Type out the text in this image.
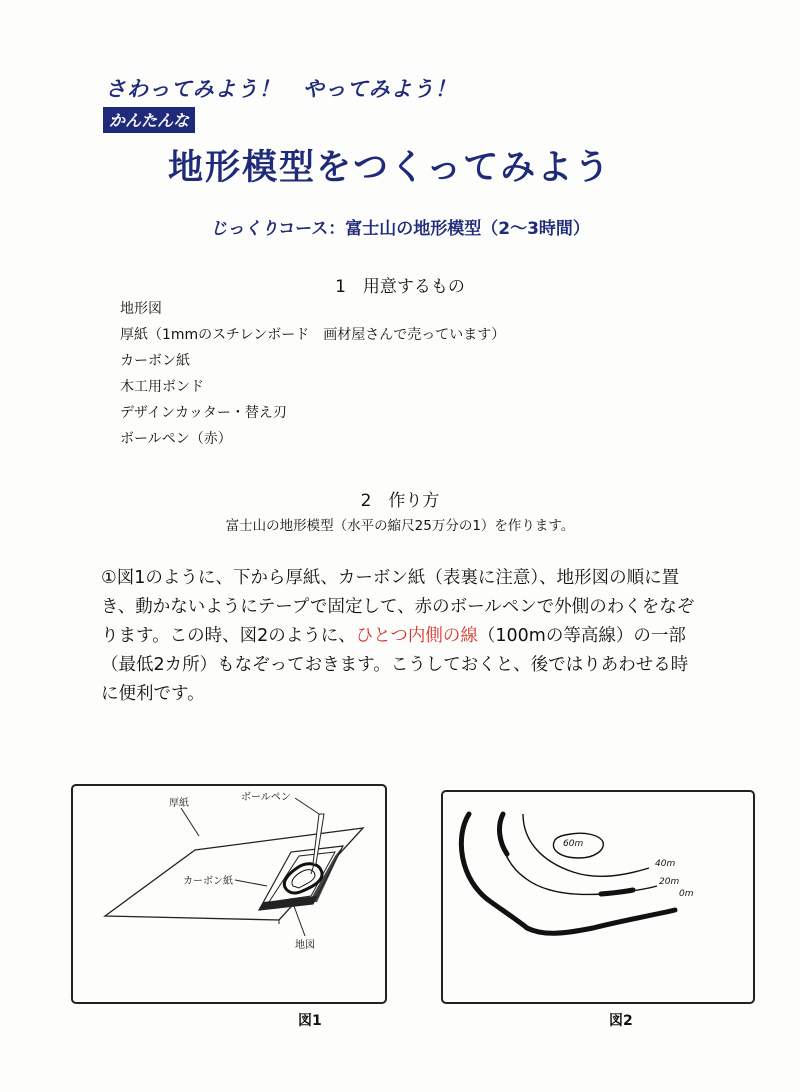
さわってみよう！　やってみよう！
かんたんな
地形模型をつくってみよう
じっくりコース：富士山の地形模型（2～3時間）
1　用意するもの
地形図
厚紙（1mmのスチレンボード　画材屋さんで売っています）
カーボン紙
木工用ボンド
デザインカッター・替え刃
ボールペン（赤）
2　作り方
富士山の地形模型（水平の縮尺25万分の1）を作ります。

①図1のように、下から厚紙、カーボン紙（表裏に注意）、地形図の順に置き、動かないようにテープで固定して、赤のボールペンで外側のわくをなぞります。この時、図2のように、ひとつ内側の線（100mの等高線）の一部（最低2カ所）もなぞっておきます。こうしておくと、後ではりあわせる時に便利です。

厚紙
ボールペン
カーボン紙
地図
図1
60m
40m
20m
0m
図2
